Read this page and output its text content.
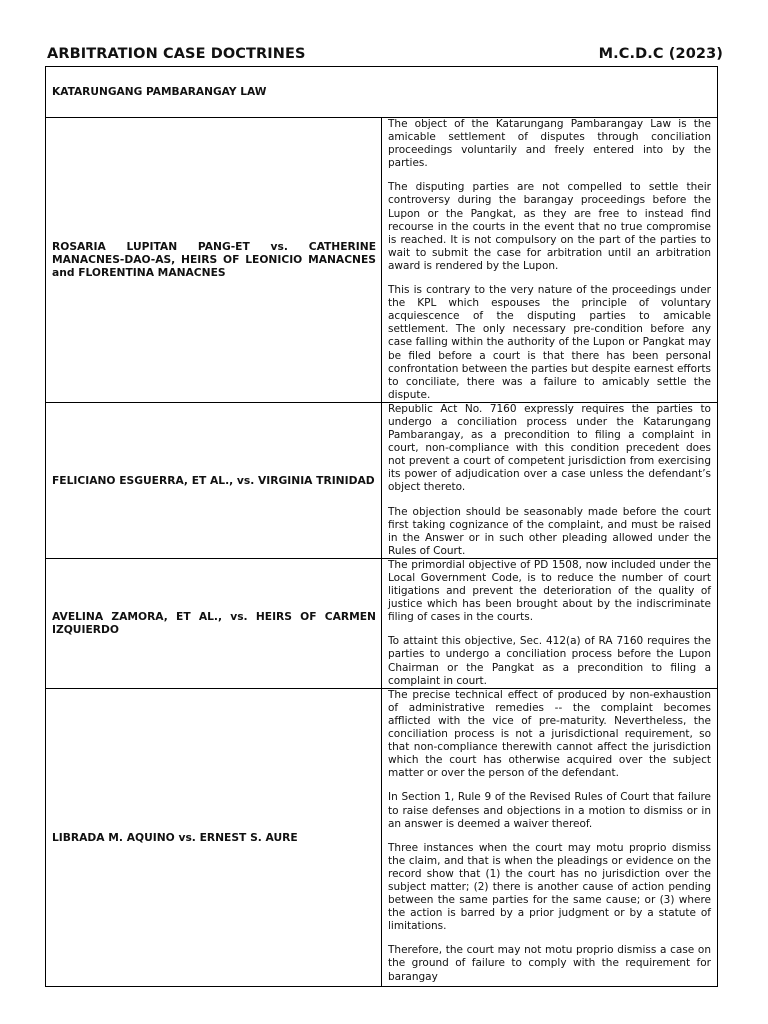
ARBITRATION CASE DOCTRINES	M.C.D.C (2023)
KATARUNGANG PAMBARANGAY LAW	
ROSARIA LUPITAN PANG-ET vs. CATHERINE MANACNES-DAO-AS, HEIRS OF LEONICIO MANACNES and FLORENTINA MANACNES	The object of the Katarungang Pambarangay Law is the amicable settlement of disputes through conciliation proceedings voluntarily and freely entered into by the parties.

The disputing parties are not compelled to settle their controversy during the barangay proceedings before the Lupon or the Pangkat, as they are free to instead find recourse in the courts in the event that no true compromise is reached. It is not compulsory on the part of the parties to wait to submit the case for arbitration until an arbitration award is rendered by the Lupon.

This is contrary to the very nature of the proceedings under the KPL which espouses the principle of voluntary acquiescence of the disputing parties to amicable settlement. The only necessary pre-condition before any case falling within the authority of the Lupon or Pangkat may be filed before a court is that there has been personal confrontation between the parties but despite earnest efforts to conciliate, there was a failure to amicably settle the dispute.

FELICIANO ESGUERRA, ET AL., vs. VIRGINIA TRINIDAD	Republic Act No. 7160 expressly requires the parties to undergo a conciliation process under the Katarungang Pambarangay, as a precondition to filing a complaint in court, non-compliance with this condition precedent does not prevent a court of competent jurisdiction from exercising its power of adjudication over a case unless the defendant’s object thereto.

The objection should be seasonably made before the court first taking cognizance of the complaint, and must be raised in the Answer or in such other pleading allowed under the Rules of Court.

AVELINA ZAMORA, ET AL., vs. HEIRS OF CARMEN IZQUIERDO	The primordial objective of PD 1508, now included under the Local Government Code, is to reduce the number of court litigations and prevent the deterioration of the quality of justice which has been brought about by the indiscriminate filing of cases in the courts.

To attaint this objective, Sec. 412(a) of RA 7160 requires the parties to undergo a conciliation process before the Lupon Chairman or the Pangkat as a precondition to filing a complaint in court.

LIBRADA M. AQUINO vs. ERNEST S. AURE	The precise technical effect of produced by non-exhaustion of administrative remedies -- the complaint becomes afflicted with the vice of pre-maturity. Nevertheless, the conciliation process is not a jurisdictional requirement, so that non-compliance therewith cannot affect the jurisdiction which the court has otherwise acquired over the subject matter or over the person of the defendant.

In Section 1, Rule 9 of the Revised Rules of Court that failure to raise defenses and objections in a motion to dismiss or in an answer is deemed a waiver thereof.

Three instances when the court may motu proprio dismiss the claim, and that is when the pleadings or evidence on the record show that (1) the court has no jurisdiction over the subject matter; (2) there is another cause of action pending between the same parties for the same cause; or (3) where the action is barred by a prior judgment or by a statute of limitations.

Therefore, the court may not motu proprio dismiss a case on the ground of failure to comply with the requirement for barangay
